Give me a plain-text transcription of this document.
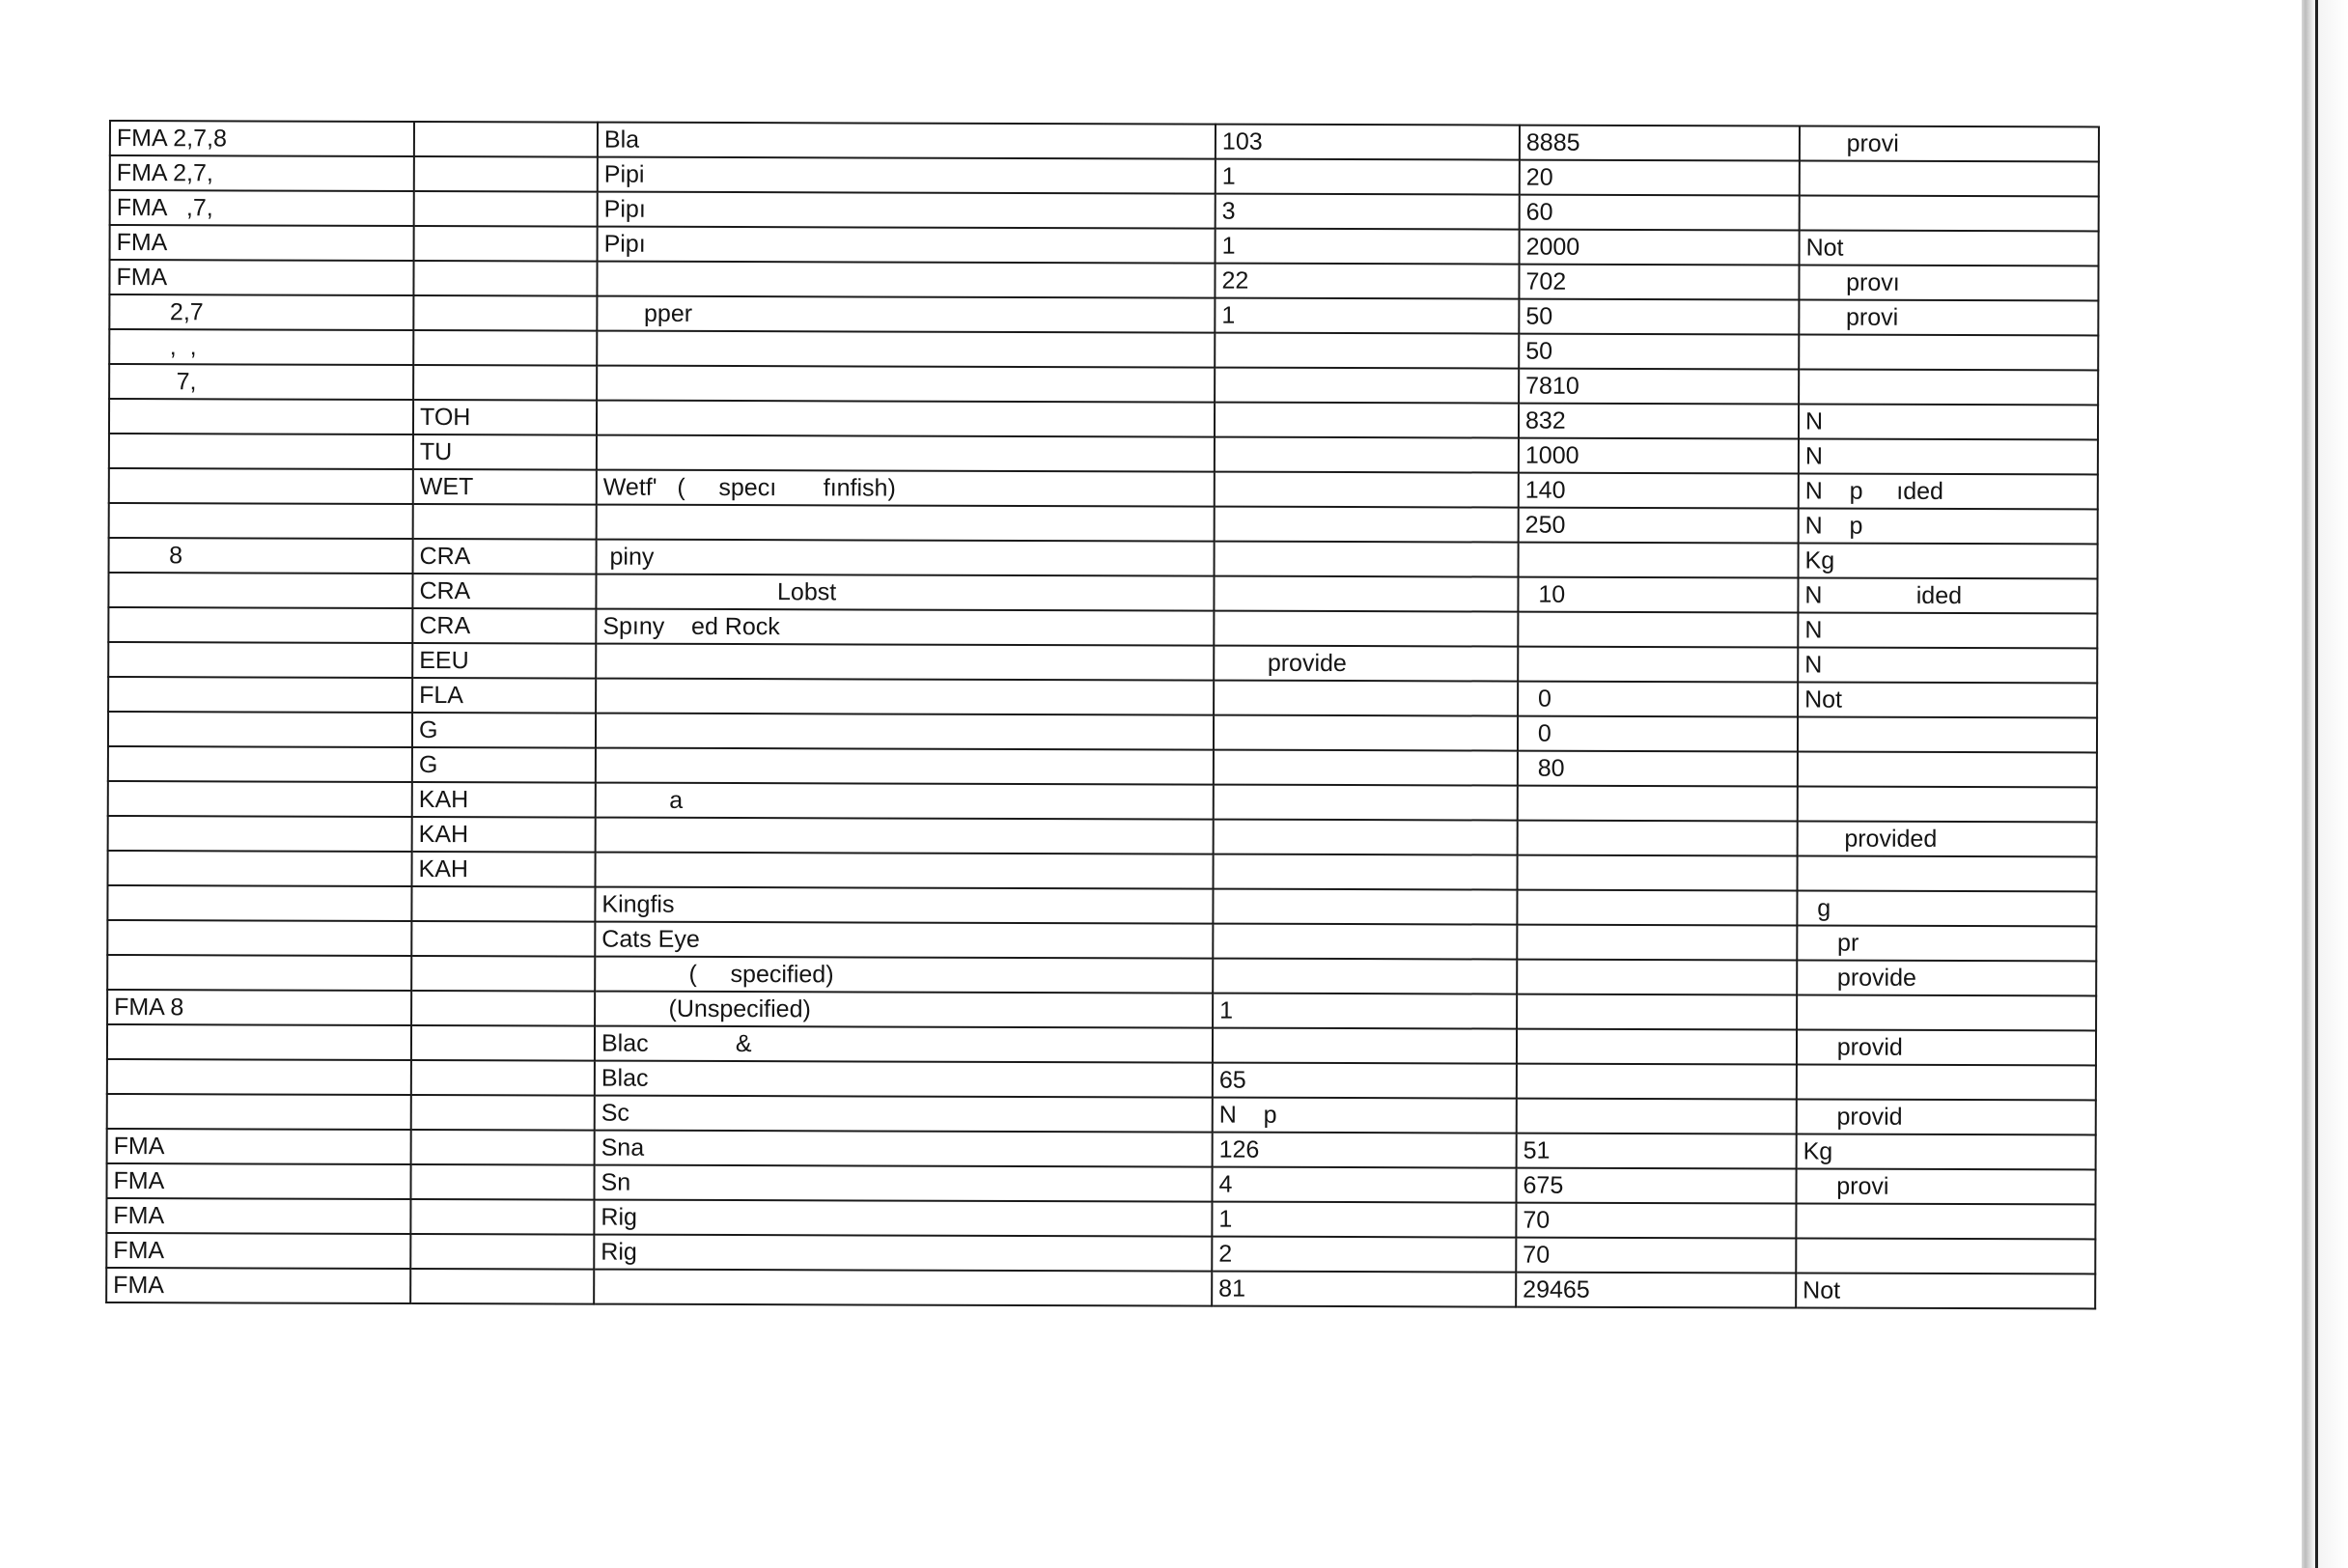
FMA 2,7,8		Bla	103	8885	provi
FMA 2,7,		Pipi	1	20	
FMA   ,7,		Pipı	3	60	
FMA		Pipı	1	2000	Not
FMA			22	702	provı
2,7		pper	1	50	provi
,  ,				50	
7,				7810	
	TOH			832	N
	TU			1000	N
	WET	Wetf'   (     specı       fınfish)		140	N    p     ıded
				250	N    p
8	CRA	piny			Kg
	CRA	Lobst		10	N              ided
	CRA	Spıny    ed Rock			N
	EEU		provide		N
	FLA			0	Not
	G			0	
	G			80	
	KAH	a			
	KAH				provided
	KAH				
		Kingfis			g
		Cats Eye			pr
		(     specified)			provide
FMA 8		(Unspecified)	1		
		Blac             &			provid
		Blac	65		
		Sc	N    p		provid
FMA		Sna	126	51	Kg
FMA		Sn	4	675	provi
FMA		Rig	1	70	
FMA		Rig	2	70	
FMA			81	29465	Not
